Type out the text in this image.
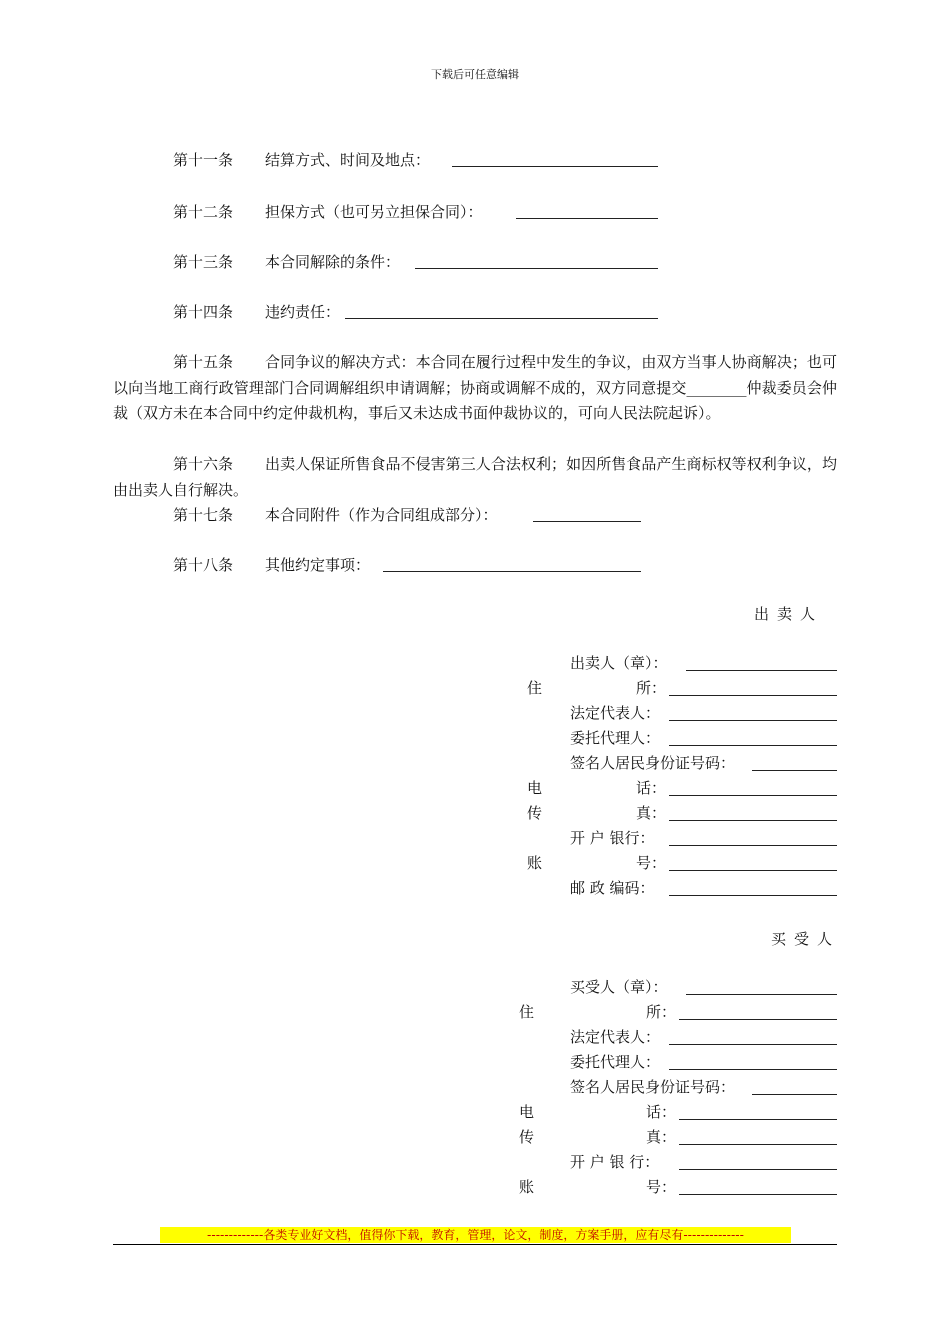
下载后可任意编辑
第十一条 结算方式、时间及地点：
第十二条 担保方式（也可另立担保合同）：
第十三条 本合同解除的条件：
第十四条 违约责任：
第十五条 合同争议的解决方式：本合同在履行过程中发生的争议，由双方当事人协商解决；也可以向当地工商行政管理部门合同调解组织申请调解；协商或调解不成的，双方同意提交________仲裁委员会仲裁（双方未在本合同中约定仲裁机构，事后又未达成书面仲裁协议的，可向人民法院起诉）。
第十六条 出卖人保证所售食品不侵害第三人合法权利；如因所售食品产生商标权等权利争议，均由出卖人自行解决。
第十七条 本合同附件（作为合同组成部分）：
第十八条 其他约定事项：
出卖人
出卖人（章）：
住	所：
法定代表人：
委托代理人：
签名人居民身份证号码：
电	话：
传	真：
开 户 银行：
账	号：
邮 政 编码：
买受人
买受人（章）：
住	所：
法定代表人：
委托代理人：
签名人居民身份证号码：
电	话：
传	真：
开 户 银 行：
账	号：
-------------各类专业好文档，值得你下载，教育，管理，论文，制度，方案手册，应有尽有--------------
